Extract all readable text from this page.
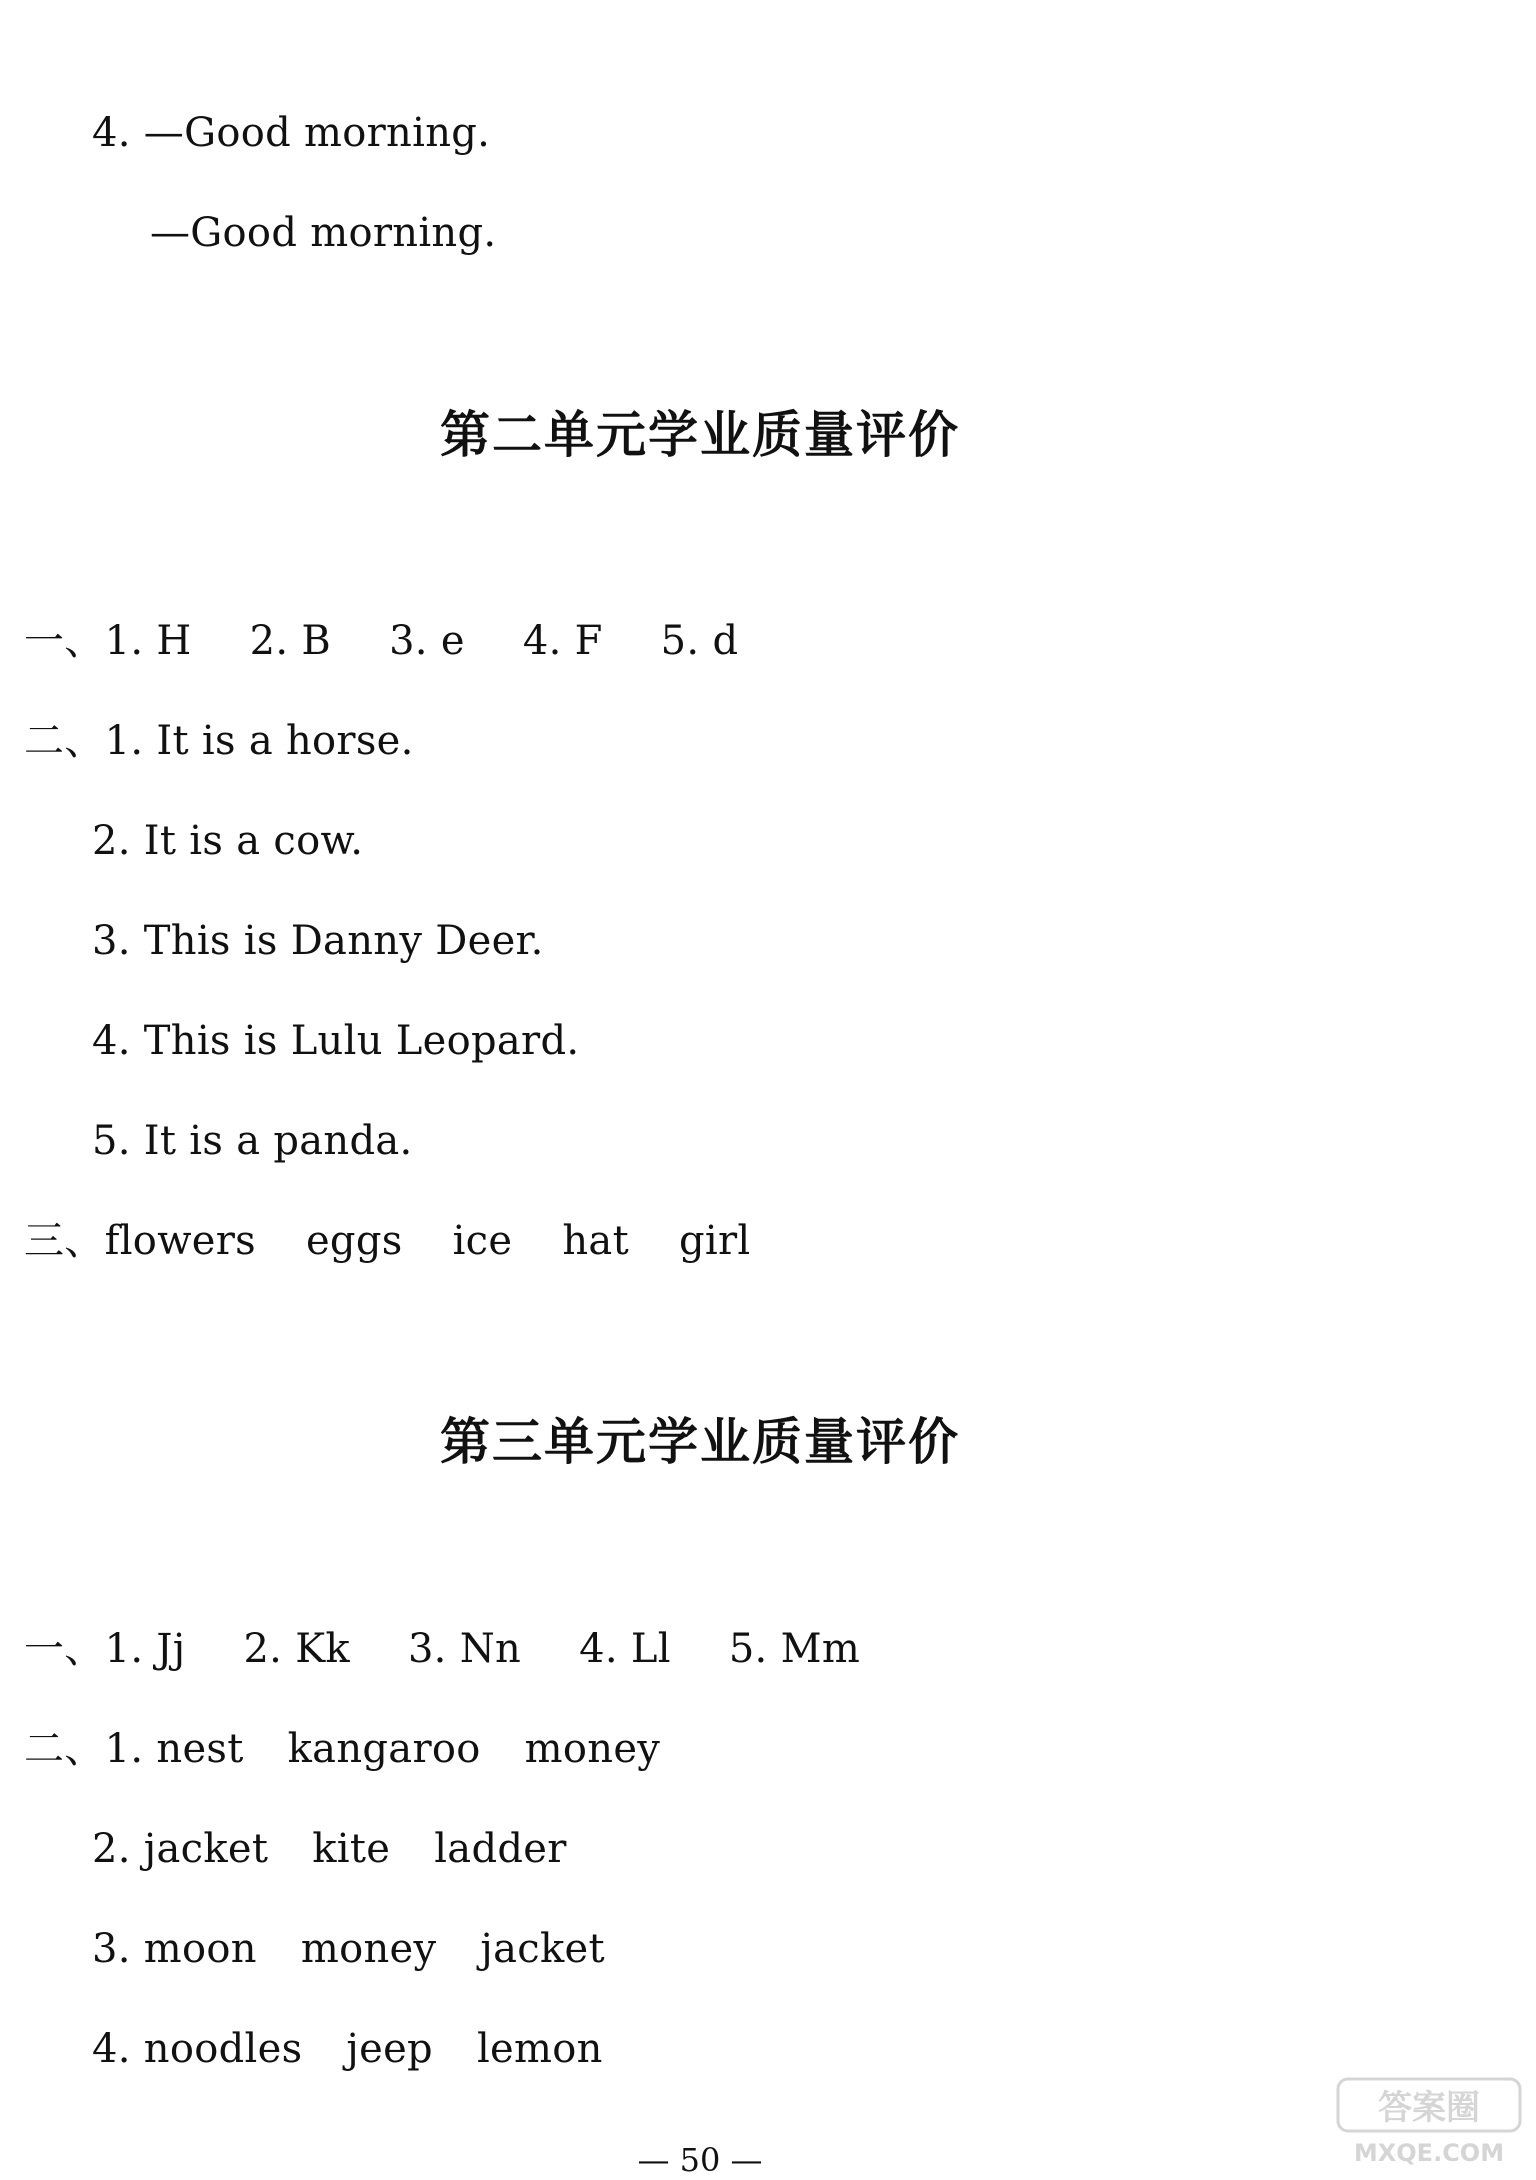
4. —Good morning.
—Good morning.
第二单元学业质量评价
一、1. H 2. B 3. e 4. F 5. d
二、1. It is a horse.
2. It is a cow.
3. This is Danny Deer.
4. This is Lulu Leopard.
5. It is a panda.
三、flowers eggs ice hat girl
第三单元学业质量评价
一、1. Jj 2. Kk 3. Nn 4. Ll 5. Mm
二、1. nest kangaroo money
2. jacket kite ladder
3. moon money jacket
4. noodles jeep lemon
— 50 —
答案圈
MXQE.COM
